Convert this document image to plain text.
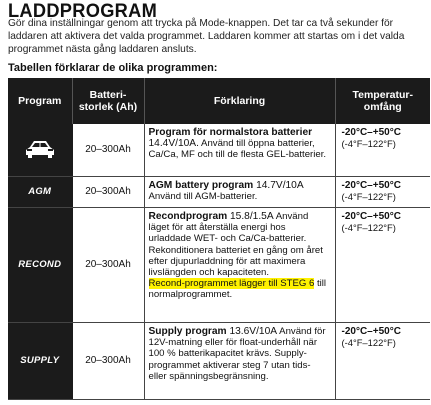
LADDPROGRAM
Gör dina inställningar genom att trycka på Mode-knappen. Det tar ca två sekunder för laddaren att aktivera det valda programmet. Laddaren kommer att startas om i det valda programmet nästa gång laddaren ansluts.
Tabellen förklarar de olika programmen:
Program	Batteri-storlek (Ah)	Förklaring	Temperatur-omfång
	20–300Ah	Program för normalstora batterier 14.4V/10A. Använd till öppna batterier, Ca/Ca, MF och till de flesta GEL-batterier.	-20°C–+50°C
(-4°F–122°F)

AGM	20–300Ah	AGM battery program 14.7V/10A Använd till AGM-batterier.	-20°C–+50°C
(-4°F–122°F)

RECOND	20–300Ah	Recondprogram 15.8/1.5A Använd läget för att återställa energi hos urladdade WET- och Ca/Ca-batterier. Rekonditionera batteriet en gång om året efter djupurladdning för att maximera livslängden och kapaciteten.
Recond-programmet lägger till STEG 6 till normalprogrammet.	-20°C–+50°C
(-4°F–122°F)

SUPPLY	20–300Ah	Supply program 13.6V/10A Använd för 12V-matning eller för float-underhåll när 100 % batterikapacitet krävs. Supply-programmet aktiverar steg 7 utan tids- eller spänningsbegränsning.	-20°C–+50°C
(-4°F–122°F)
